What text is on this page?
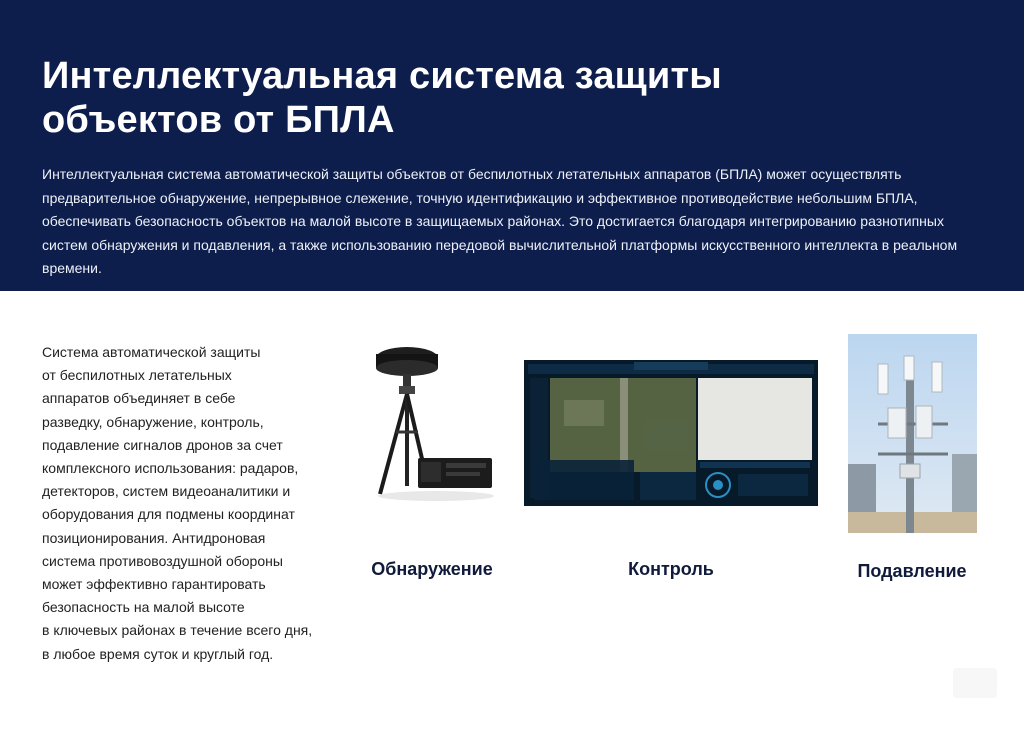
Интеллектуальная система защиты объектов от БПЛА

Интеллектуальная система автоматической защиты объектов от беспилотных летательных аппаратов (БПЛА) может осуществлять предварительное обнаружение, непрерывное слежение, точную идентификацию и эффективное противодействие небольшим БПЛА, обеспечивать безопасность объектов на малой высоте в защищаемых районах. Это достигается благодаря интегрированию разнотипных систем обнаружения и подавления, а также использованию передовой вычислительной платформы искусственного интеллекта в реальном времени.

Система автоматической защиты
от беспилотных летательных
аппаратов объединяет в себе
разведку, обнаружение, контроль,
подавление сигналов дронов за счет
комплексного использования: радаров,
детекторов, систем видеоаналитики и
оборудования для подмены координат
позиционирования. Антидроновая
система противовоздушной обороны
может эффективно гарантировать
безопасность на малой высоте
в ключевых районах в течение всего дня,
в любое время суток и круглый год.

Обнаружение	Контроль	Подавление
